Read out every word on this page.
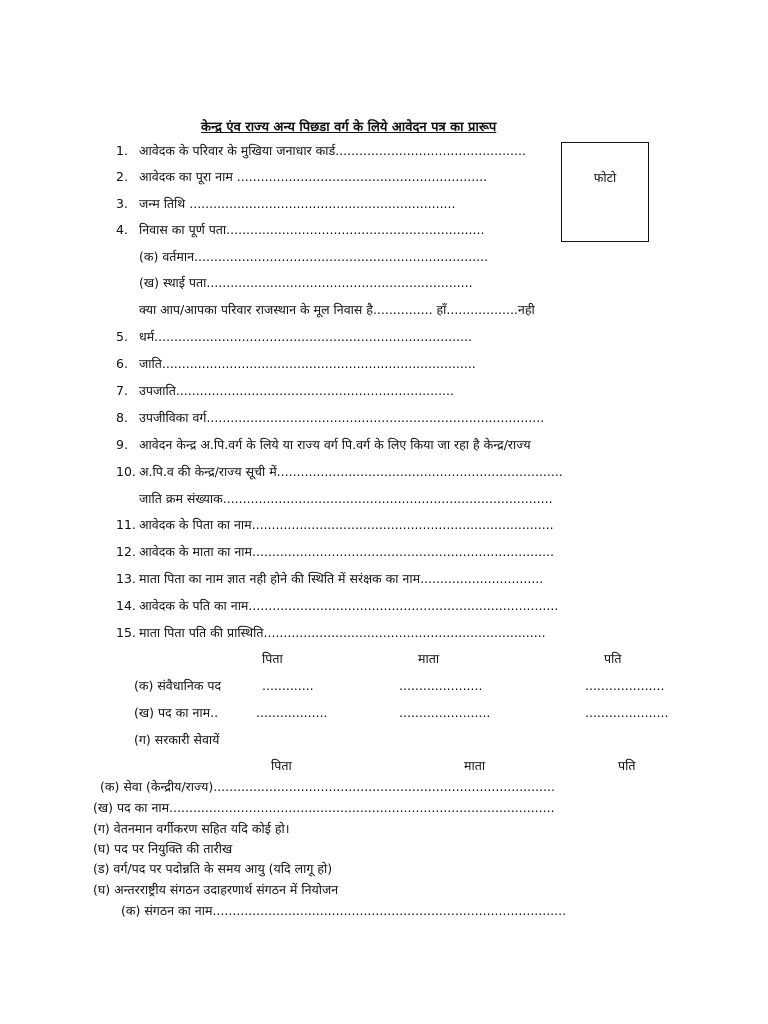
केन्द्र एंव राज्य अन्य पिछडा वर्ग के लिये आवेदन पत्र का प्रारूप
फोटो
1. आवेदक के परिवार के मुखिया जनाधार कार्ड................................................
2. आवेदक का पूरा नाम ...............................................................
3. जन्म तिथि ...................................................................
4. निवास का पूर्ण पता.................................................................
(क) वर्तमान..........................................................................
(ख) स्थाई पता...................................................................
क्या आप/आपका परिवार राजस्थान के मूल निवास है............... हाँ..................नही
5. धर्म................................................................................
6. जाति...............................................................................
7. उपजाति......................................................................
8. उपजीविका वर्ग.....................................................................................
9. आवेदन केन्द्र अ.पि.वर्ग के लिये या राज्य वर्ग पि.वर्ग के लिए किया जा रहा है केन्द्र/राज्य
10. अ.पि.व की केन्द्र/राज्य सूची में........................................................................
जाति क्रम संख्याक...................................................................................
11. आवेदक के पिता का नाम............................................................................
12. आवेदक के माता का नाम............................................................................
13. माता पिता का नाम ज्ञात नही होने की स्थिति में सरंक्षक का नाम...............................
14. आवेदक के पति का नाम..............................................................................
15. माता पिता पति की प्रास्थिति.......................................................................
पिता	माता	पति
(क) संवैधानिक पद	.............	.....................	....................
(ख) पद का नाम..	..................	.......................	.....................
(ग) सरकारी सेवायें
पिता	माता	पति
(क) सेवा (केन्द्रीय/राज्य)......................................................................................
(ख) पद का नाम.................................................................................................
(ग) वेतनमान वर्गीकरण सहित यदि कोई हो।
(घ) पद पर नियुक्ति की तारीख
(ड) वर्ग/पद पर पदोन्नति के समय आयु (यदि लागू हो)
(घ) अन्तरराष्ट्रीय संगठन उदाहरणार्थ संगठन में नियोजन
(क) संगठन का नाम.........................................................................................
